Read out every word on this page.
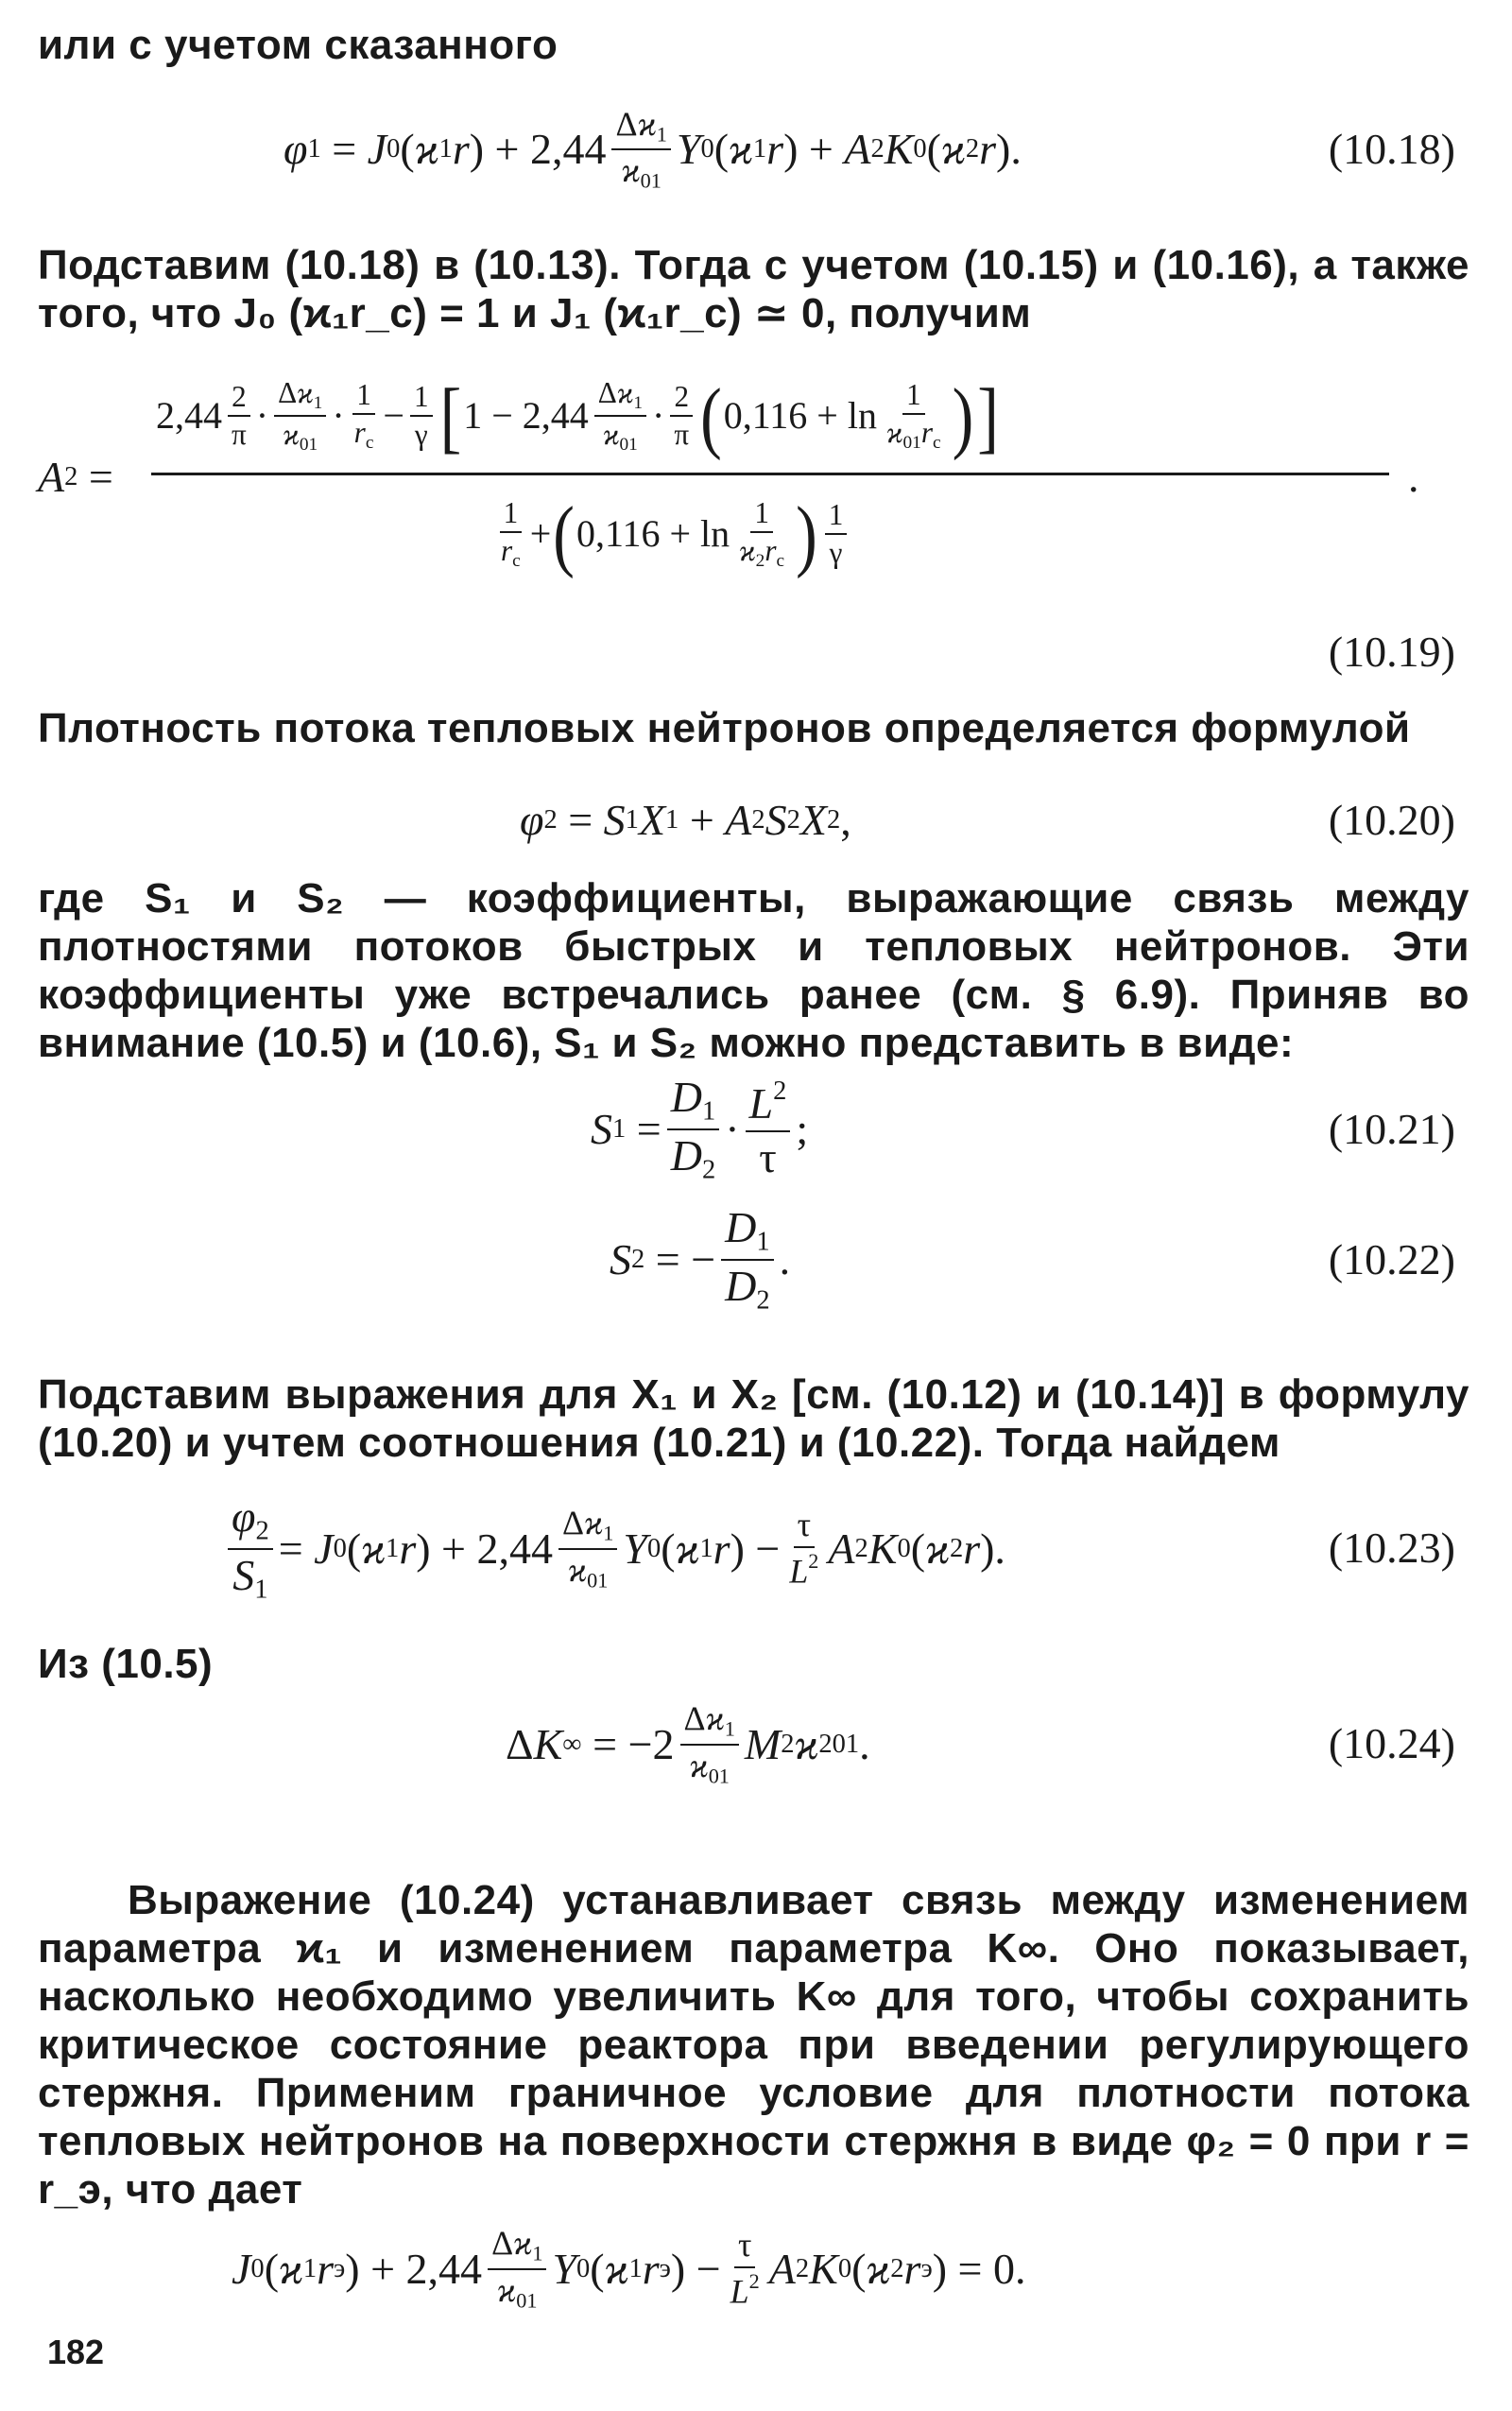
или с учетом сказанного
φ 1 = J 0 ( ϰ 1 r ) + $2,44 \frac{\Delta ϰ_1}{ϰ_{01}}$ Y 0 ( ϰ 1 r ) + A 2 K 0 ( ϰ 2 r ).	(10.18)
Подставим (10.18) в (10.13). Тогда с учетом (10.15) и (10.16), а также того, что J₀ (ϰ₁r_c) = 1 и J₁ (ϰ₁r_c) ≃ 0, получим
A 2 =
$2,44 \frac{2}{\pi} \cdot \frac{\Delta ϰ_1}{ϰ_{01}} \cdot \frac{1}{r_c} - \frac{1}{\gamma}$ [ $1 - 2,44 \frac{\Delta ϰ_1}{ϰ_{01}} \cdot \frac{2}{\pi}$ ( $0,116 + \ln \frac{1}{ϰ_{01}r_c}$ ) ]
.
$\frac{1}{r_c}$ + ( $0,116 + \ln \frac{1}{ϰ_2r_c}$ ) $\frac{1}{\gamma}$
(10.19)
Плотность потока тепловых нейтронов определяется формулой
φ 2 = S 1 X 1 + A 2 S 2 X 2 ,	(10.20)
где S₁ и S₂ — коэффициенты, выражающие связь между плотностями потоков быстрых и тепловых нейтронов. Эти коэффициенты уже встречались ранее (см. § 6.9). Приняв во внимание (10.5) и (10.6), S₁ и S₂ можно представить в виде:
S $1 = \frac{D_1}{D_2} \cdot \frac{L^2}{\tau}$ ;	(10.21)
S 2 = − $\frac{D_1}{D_2}$ .	(10.22)
Подставим выражения для X₁ и X₂ [см. (10.12) и (10.14)] в формулу (10.20) и учтем соотношения (10.21) и (10.22). Тогда найдем
$\frac{\varphi_2}{S_1} = J$ 0 ( ϰ 1 r ) + $2,44 \frac{\Delta ϰ_1}{ϰ_{01}}$ Y 0 ( ϰ 1 r ) − $\frac{\tau}{L^2}$ A 2 K 0 ( ϰ 2 r ).	(10.23)
Из (10.5)
Δ K ∞ = $-2 \frac{\Delta ϰ_1}{ϰ_{01}}$ M 2 ϰ 2 01 .	(10.24)
Выражение (10.24) устанавливает связь между изменением параметра ϰ₁ и изменением параметра K∞. Оно показывает, насколько необходимо увеличить K∞ для того, чтобы сохранить критическое состояние реактора при введении регулирующего стержня. Применим граничное условие для плотности потока тепловых нейтронов на поверхности стержня в виде φ₂ = 0 при r = r_э, что дает
J 0 ( ϰ 1 r э ) + $2,44 \frac{\Delta ϰ_1}{ϰ_{01}}$ Y 0 ( ϰ 1 r э ) − $\frac{\tau}{L^2}$ A 2 K 0 ( ϰ 2 r э ) = 0.
182
